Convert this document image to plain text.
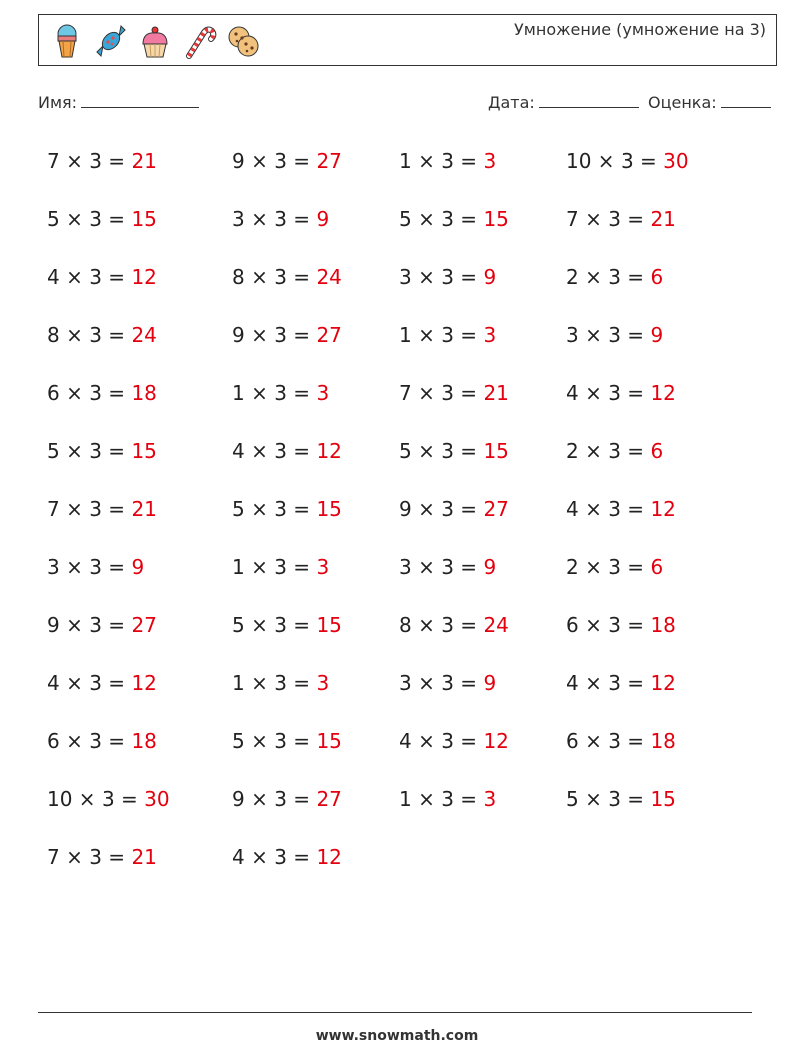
Умножение (умножение на 3)
Имя:	Дата:	Оценка:
7 × 3 = 21	9 × 3 = 27	1 × 3 = 3	10 × 3 = 30
5 × 3 = 15	3 × 3 = 9	5 × 3 = 15	7 × 3 = 21
4 × 3 = 12	8 × 3 = 24	3 × 3 = 9	2 × 3 = 6
8 × 3 = 24	9 × 3 = 27	1 × 3 = 3	3 × 3 = 9
6 × 3 = 18	1 × 3 = 3	7 × 3 = 21	4 × 3 = 12
5 × 3 = 15	4 × 3 = 12	5 × 3 = 15	2 × 3 = 6
7 × 3 = 21	5 × 3 = 15	9 × 3 = 27	4 × 3 = 12
3 × 3 = 9	1 × 3 = 3	3 × 3 = 9	2 × 3 = 6
9 × 3 = 27	5 × 3 = 15	8 × 3 = 24	6 × 3 = 18
4 × 3 = 12	1 × 3 = 3	3 × 3 = 9	4 × 3 = 12
6 × 3 = 18	5 × 3 = 15	4 × 3 = 12	6 × 3 = 18
10 × 3 = 30	9 × 3 = 27	1 × 3 = 3	5 × 3 = 15
7 × 3 = 21	4 × 3 = 12
www.snowmath.com
